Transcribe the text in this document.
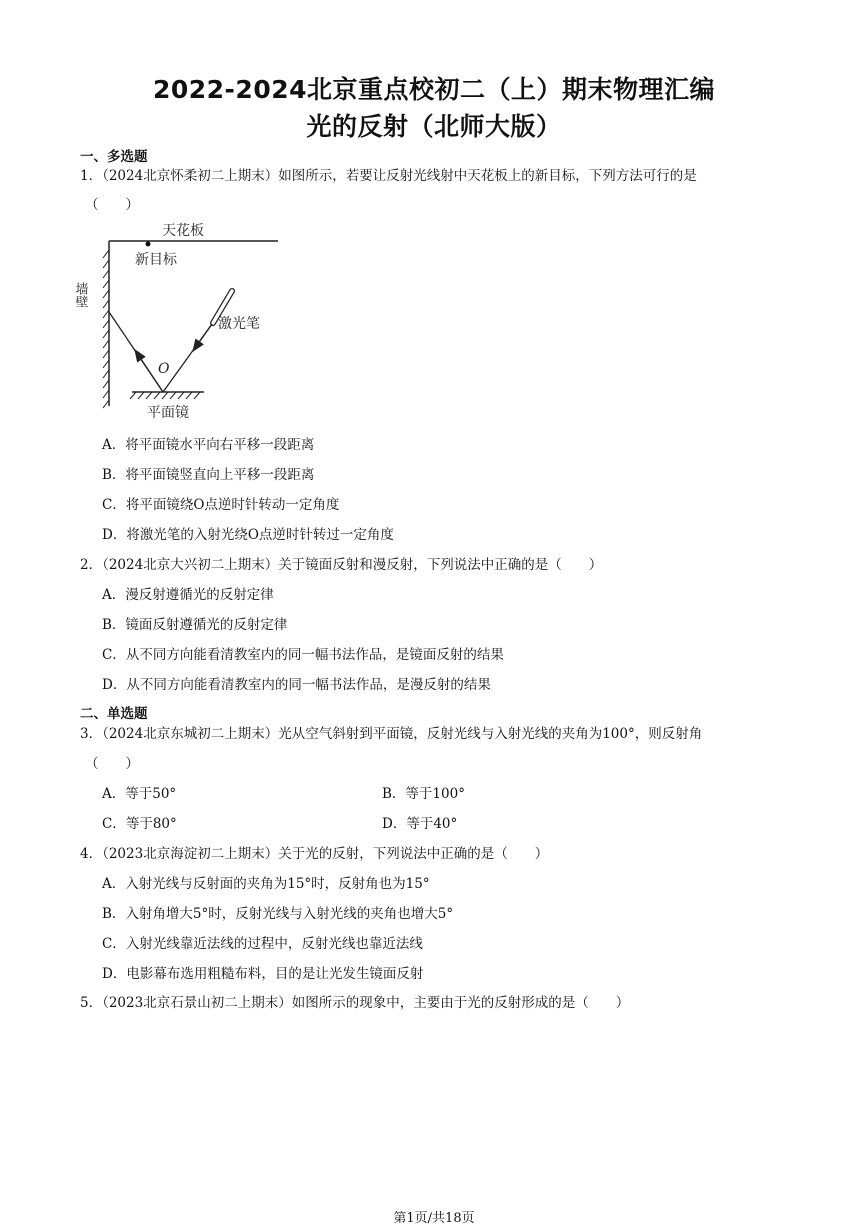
2022-2024北京重点校初二（上）期末物理汇编
光的反射（北师大版）
一、多选题
1．（2024北京怀柔初二上期末）如图所示，若要让反射光线射中天花板上的新目标，下列方法可行的是
（　　）
天花板
新目标
激光笔
O
平面镜
墙壁
A．将平面镜水平向右平移一段距离
B．将平面镜竖直向上平移一段距离
C．将平面镜绕O点逆时针转动一定角度
D．将激光笔的入射光绕O点逆时针转过一定角度
2．（2024北京大兴初二上期末）关于镜面反射和漫反射，下列说法中正确的是（　　）
A．漫反射遵循光的反射定律
B．镜面反射遵循光的反射定律
C．从不同方向能看清教室内的同一幅书法作品，是镜面反射的结果
D．从不同方向能看清教室内的同一幅书法作品，是漫反射的结果
二、单选题
3．（2024北京东城初二上期末）光从空气斜射到平面镜，反射光线与入射光线的夹角为100°，则反射角
（　　）
A．等于50°	B．等于100°
C．等于80°	D．等于40°
4．（2023北京海淀初二上期末）关于光的反射，下列说法中正确的是（　　）
A．入射光线与反射面的夹角为15°时，反射角也为15°
B．入射角增大5°时，反射光线与入射光线的夹角也增大5°
C．入射光线靠近法线的过程中，反射光线也靠近法线
D．电影幕布选用粗糙布料，目的是让光发生镜面反射
5．（2023北京石景山初二上期末）如图所示的现象中，主要由于光的反射形成的是（　　）
第1页/共18页
